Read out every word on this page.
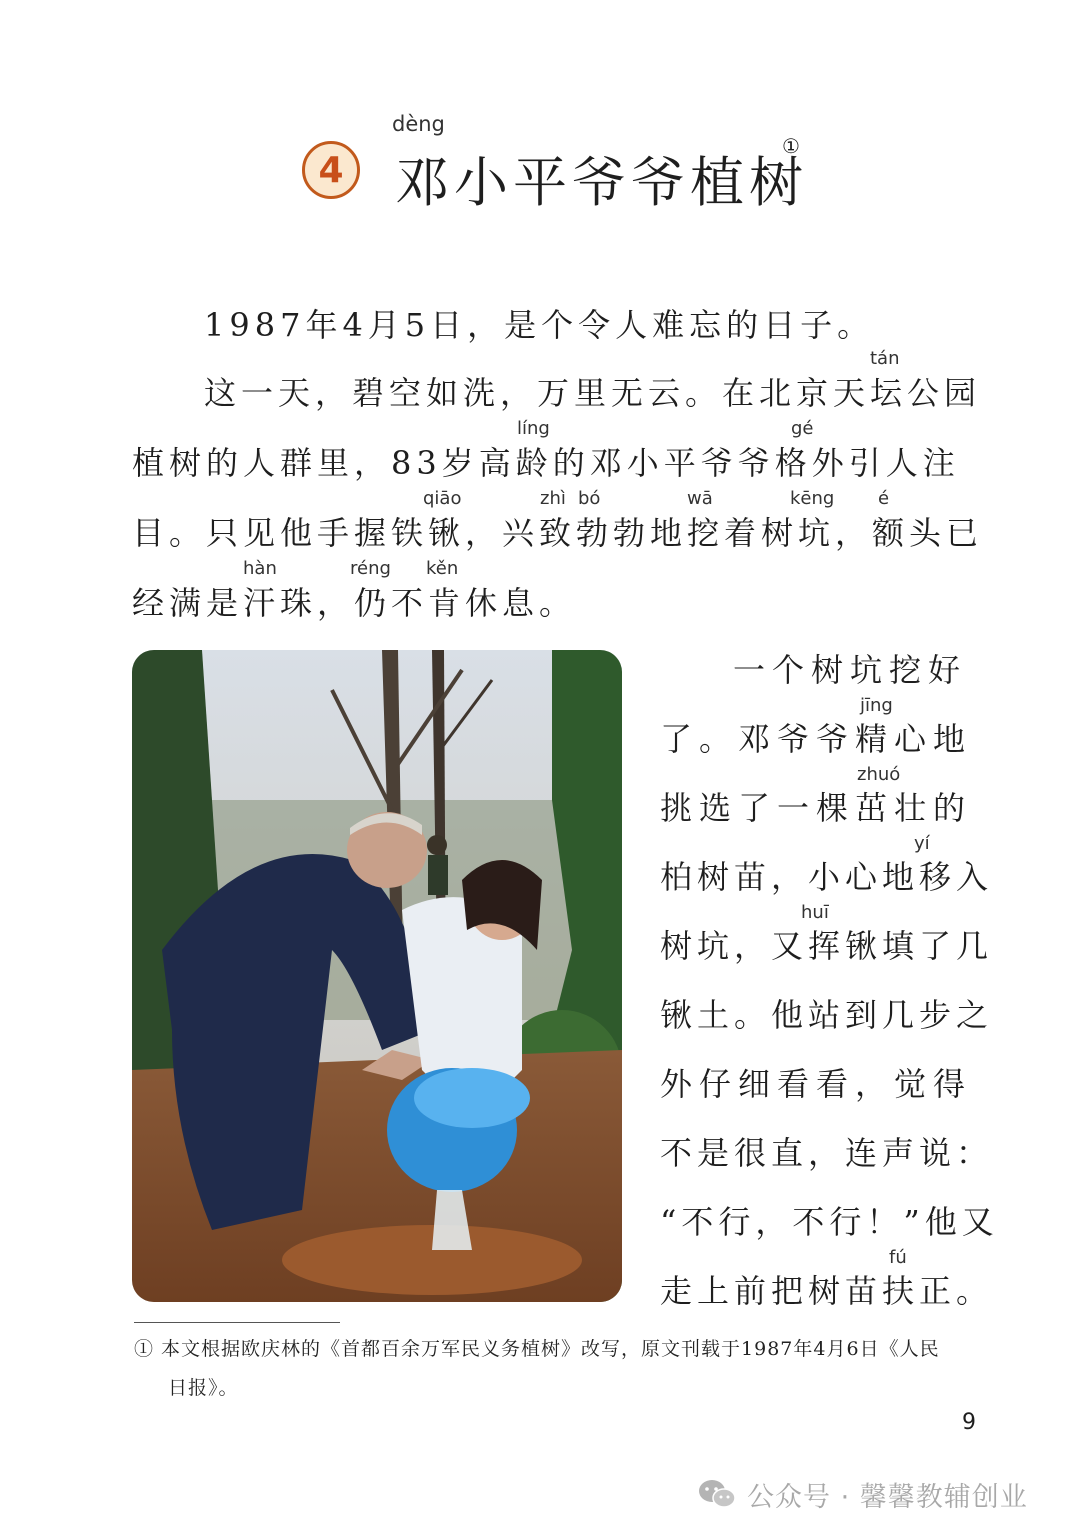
4
dèng
邓小平爷爷植树
①
1987年4月5日，是个令人难忘的日子。
tán
这一天，碧空如洗，万里无云。在北京天坛公园
líng	gé
植树的人群里，83岁高龄的邓小平爷爷格外引人注
qiāo	zhì bó	wā	kēng é
目。只见他手握铁锹，兴致勃勃地挖着树坑，额头已
hàn	réng kěn
经满是汗珠，仍不肯休息。
一个树坑挖好
jīng
了。邓爷爷精心地
zhuó
挑选了一棵茁壮的
yí
柏树苗，小心地移入
huī
树坑，又挥锹填了几
锹土。他站到几步之
外仔细看看，觉得
不是很直，连声说：
“不行，不行！”他又
fú
走上前把树苗扶正。
① 本文根据欧庆林的《首都百余万军民义务植树》改写，原文刊载于1987年4月6日《人民
日报》。
9
公众号 · 馨馨教辅创业
